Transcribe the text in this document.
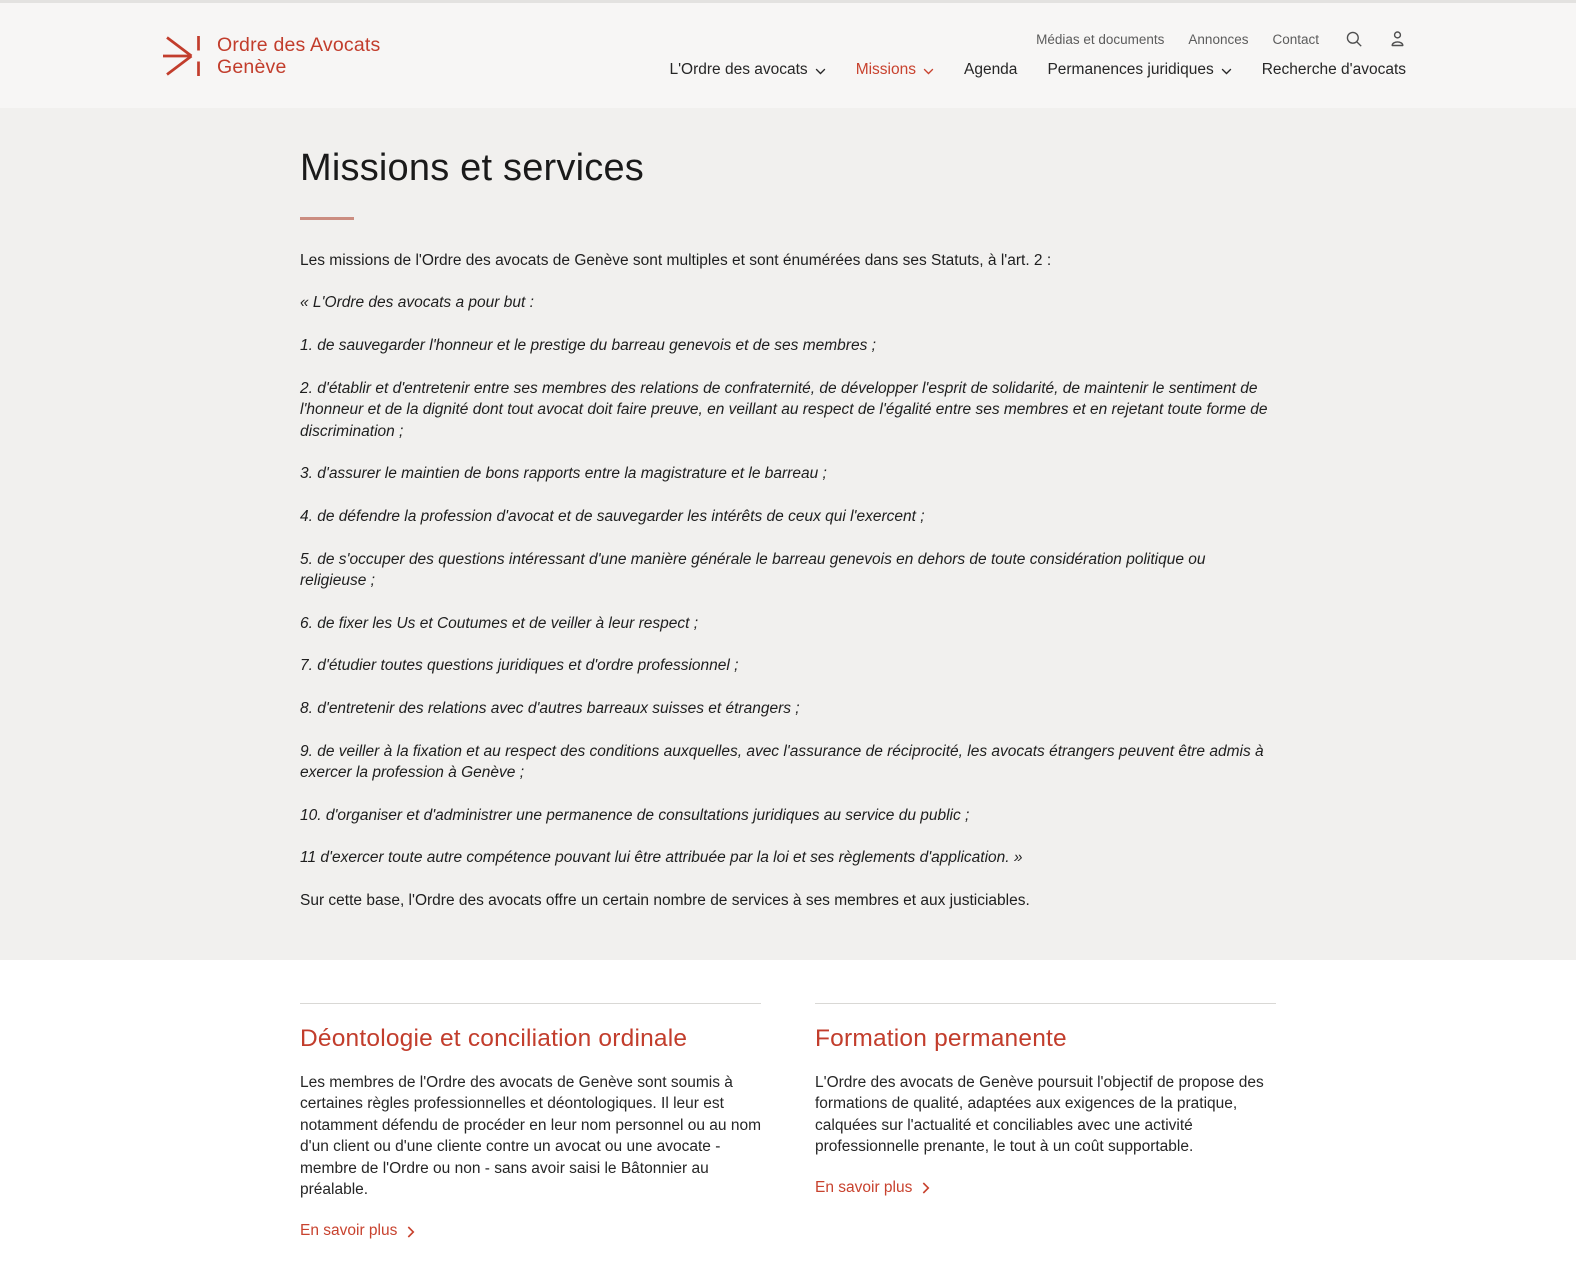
Ordre des Avocats
Genève
Médias et documents Annonces Contact
L'Ordre des avocats	Missions	Agenda Permanences juridiques	Recherche d'avocats
Missions et services

Les missions de l'Ordre des avocats de Genève sont multiples et sont énumérées dans ses Statuts, à l'art. 2 :

« L'Ordre des avocats a pour but :

1. de sauvegarder l'honneur et le prestige du barreau genevois et de ses membres ;

2. d'établir et d'entretenir entre ses membres des relations de confraternité, de développer l'esprit de solidarité, de maintenir le sentiment de l'honneur et de la dignité dont tout avocat doit faire preuve, en veillant au respect de l'égalité entre ses membres et en rejetant toute forme de discrimination ;

3. d'assurer le maintien de bons rapports entre la magistrature et le barreau ;

4. de défendre la profession d'avocat et de sauvegarder les intérêts de ceux qui l'exercent ;

5. de s'occuper des questions intéressant d'une manière générale le barreau genevois en dehors de toute considération politique ou religieuse ;

6. de fixer les Us et Coutumes et de veiller à leur respect ;

7. d'étudier toutes questions juridiques et d'ordre professionnel ;

8. d'entretenir des relations avec d'autres barreaux suisses et étrangers ;

9. de veiller à la fixation et au respect des conditions auxquelles, avec l'assurance de réciprocité, les avocats étrangers peuvent être admis à exercer la profession à Genève ;

10. d'organiser et d'administrer une permanence de consultations juridiques au service du public ;

11 d'exercer toute autre compétence pouvant lui être attribuée par la loi et ses règlements d'application. »

Sur cette base, l'Ordre des avocats offre un certain nombre de services à ses membres et aux justiciables.

Déontologie et conciliation ordinale

Les membres de l'Ordre des avocats de Genève sont soumis à certaines règles professionnelles et déontologiques. Il leur est notamment défendu de procéder en leur nom personnel ou au nom d'un client ou d'une cliente contre un avocat ou une avocate - membre de l'Ordre ou non - sans avoir saisi le Bâtonnier au préalable.

En savoir plus
Formation permanente

L'Ordre des avocats de Genève poursuit l'objectif de propose des formations de qualité, adaptées aux exigences de la pratique, calquées sur l'actualité et conciliables avec une activité professionnelle prenante, le tout à un coût supportable.

En savoir plus
